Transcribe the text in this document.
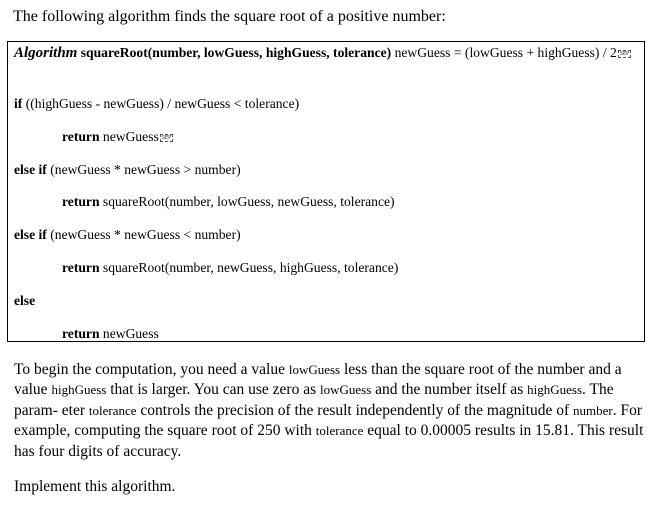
The following algorithm finds the square root of a positive number:
Algorithm squareRoot(number, lowGuess, highGuess, tolerance) newGuess = (lowGuess + highGuess) / 2 SEP
if ((highGuess - newGuess) / newGuess < tolerance)
return newGuess SEP
else if (newGuess * newGuess > number)
return squareRoot(number, lowGuess, newGuess, tolerance)
else if (newGuess * newGuess < number)
return squareRoot(number, newGuess, highGuess, tolerance)
else
return newGuess
To begin the computation, you need a value lowGuess less than the square root of the number and a value highGuess that is larger. You can use zero as lowGuess and the number itself as highGuess. The param- eter tolerance controls the precision of the result independently of the magnitude of number. For example, computing the square root of 250 with tolerance equal to 0.00005 results in 15.81. This result has four digits of accuracy.
Implement this algorithm.
